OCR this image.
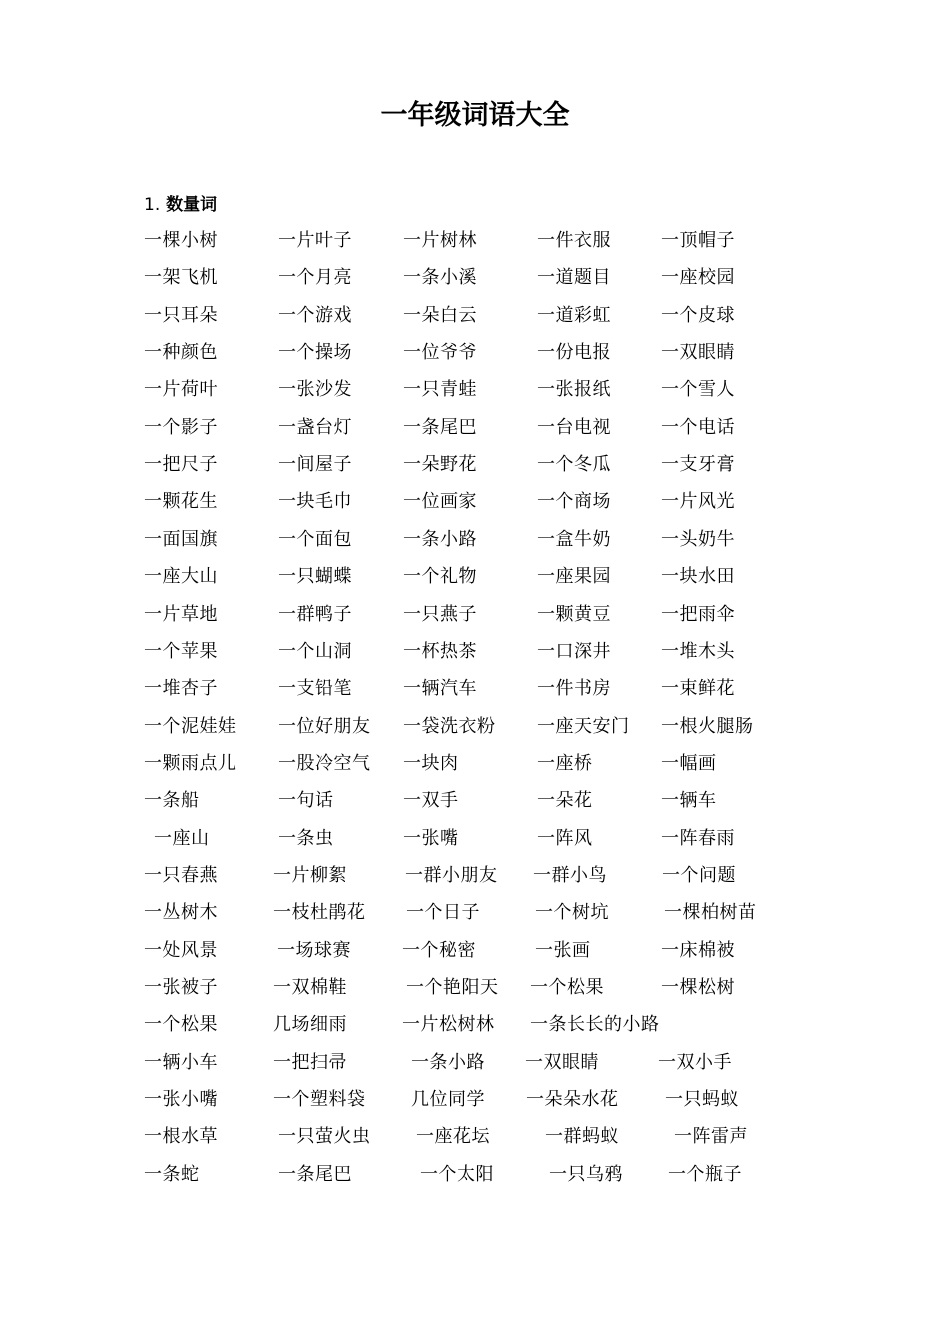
一年级词语大全
1. 数量词
一棵小树	一片叶子	一片树林	一件衣服	一顶帽子
一架飞机	一个月亮	一条小溪	一道题目	一座校园
一只耳朵	一个游戏	一朵白云	一道彩虹	一个皮球
一种颜色	一个操场	一位爷爷	一份电报	一双眼睛
一片荷叶	一张沙发	一只青蛙	一张报纸	一个雪人
一个影子	一盏台灯	一条尾巴	一台电视	一个电话
一把尺子	一间屋子	一朵野花	一个冬瓜	一支牙膏
一颗花生	一块毛巾	一位画家	一个商场	一片风光
一面国旗	一个面包	一条小路	一盒牛奶	一头奶牛
一座大山	一只蝴蝶	一个礼物	一座果园	一块水田
一片草地	一群鸭子	一只燕子	一颗黄豆	一把雨伞
一个苹果	一个山洞	一杯热茶	一口深井	一堆木头
一堆杏子	一支铅笔	一辆汽车	一件书房	一束鲜花
一个泥娃娃 一位好朋友 一袋洗衣粉 一座天安门 一根火腿肠
一颗雨点儿 一股冷空气 一块肉	一座桥	一幅画
一条船	一句话	一双手	一朵花	一辆车
一座山	一条虫	一张嘴	一阵风	一阵春雨
一只春燕	一片柳絮	一群小朋友 一群小鸟	一个问题
一丛树木	一枝杜鹃花 一个日子	一个树坑	一棵柏树苗
一处风景	一场球赛	一个秘密	一张画	一床棉被
一张被子	一双棉鞋	一个艳阳天 一个松果	一棵松树
一个松果	几场细雨	一片松树林 一条长长的小路
一辆小车	一把扫帚	一条小路 一双眼睛	一双小手
一张小嘴	一个塑料袋	几位同学 一朵朵水花	一只蚂蚁
一根水草	一只萤火虫	一座花坛	一群蚂蚁	一阵雷声
一条蛇	一条尾巴	一个太阳	一只乌鸦	一个瓶子
